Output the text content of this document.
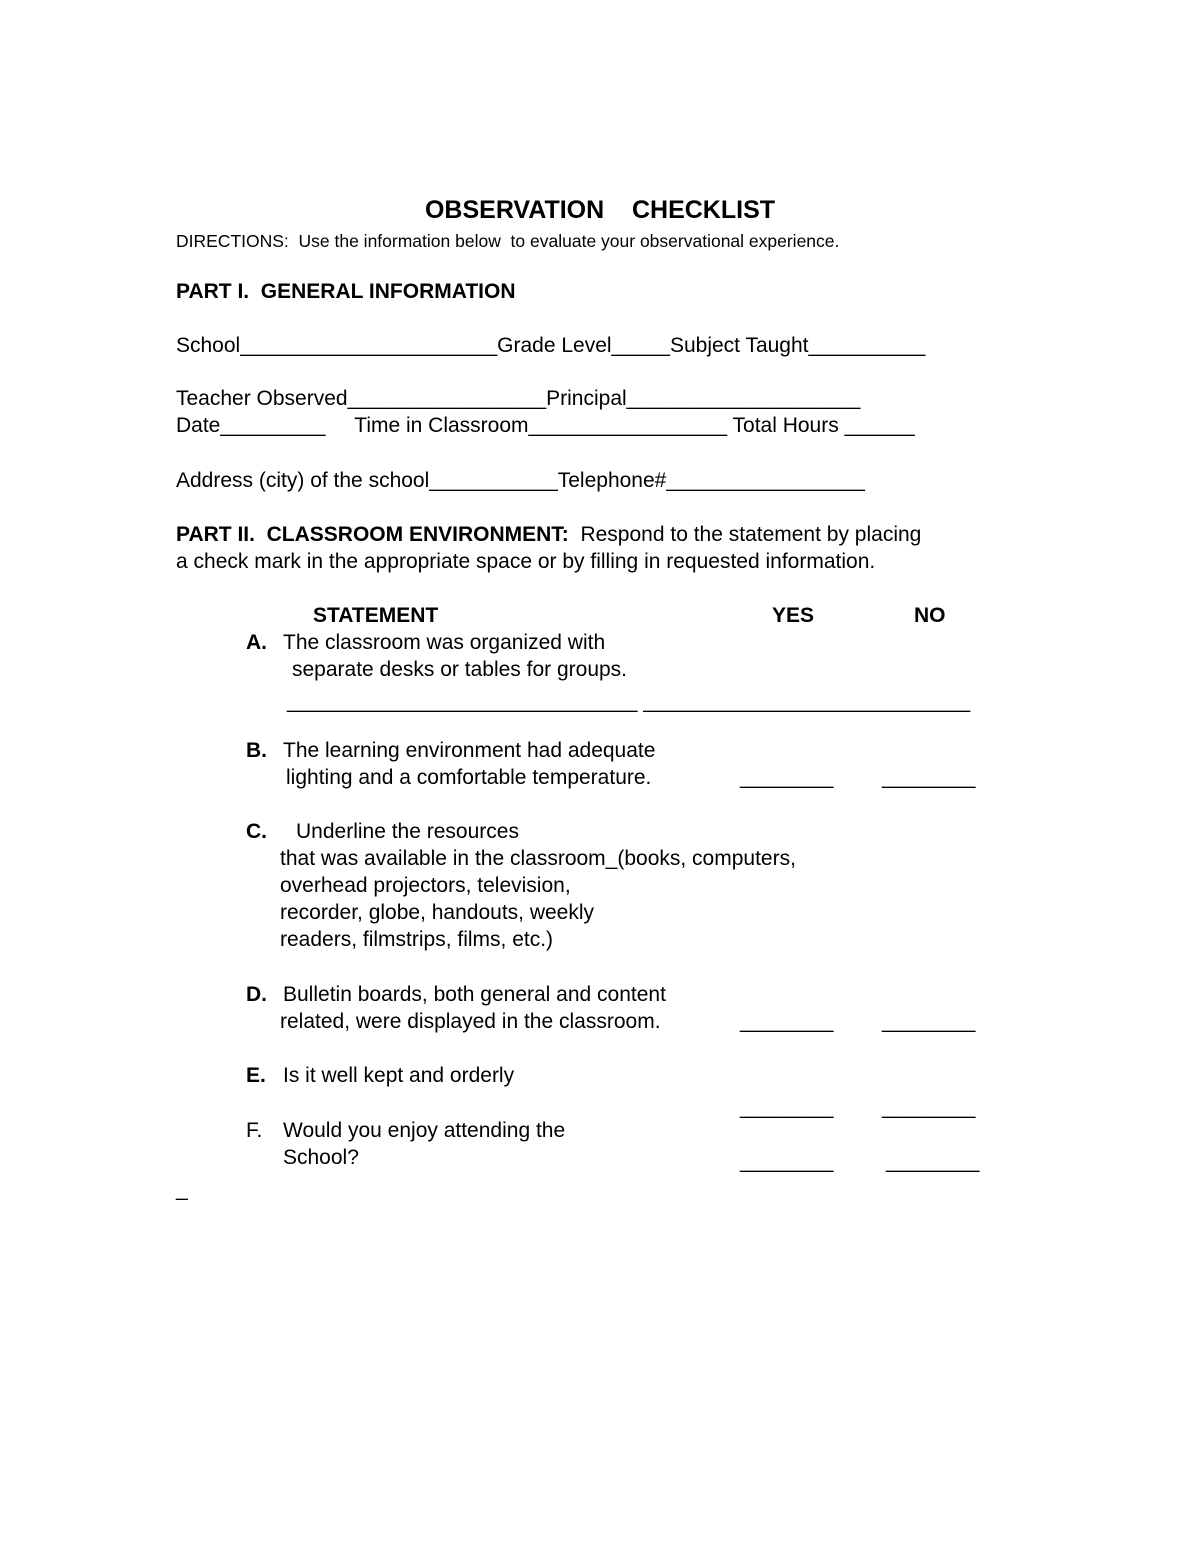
OBSERVATION    CHECKLIST
DIRECTIONS:  Use the information below  to evaluate your observational experience.
PART I.  GENERAL INFORMATION
School______________________Grade Level_____Subject Taught__________
Teacher Observed_________________Principal____________________
Date_________     Time in Classroom_________________ Total Hours ______
Address (city) of the school___________Telephone#_________________
PART II.  CLASSROOM ENVIRONMENT:  Respond to the statement by placing
a check mark in the appropriate space or by filling in requested information.
STATEMENT	YES	NO
A. The classroom was organized with
separate desks or tables for groups.
______________________________ ____________________________
B. The learning environment had adequate
lighting and a comfortable temperature.	________ ________
C. Underline the resources
that was available in the classroom_(books, computers,
overhead projectors, television,
recorder, globe, handouts, weekly
readers, filmstrips, films, etc.)
D. Bulletin boards, both general and content
related, were displayed in the classroom.	________ ________
E. Is it well kept and orderly
________ ________
F. Would you enjoy attending the
School?	________	________
_
